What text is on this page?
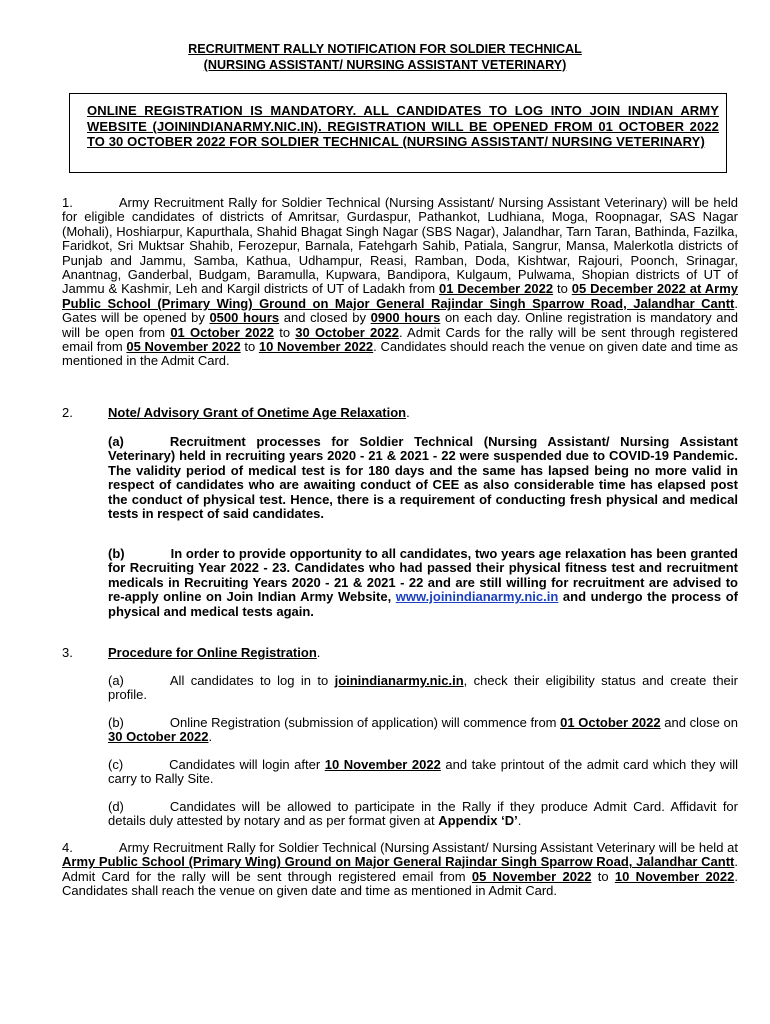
RECRUITMENT RALLY NOTIFICATION FOR SOLDIER TECHNICAL
(NURSING ASSISTANT/ NURSING ASSISTANT VETERINARY)
ONLINE REGISTRATION IS MANDATORY. ALL CANDIDATES TO LOG INTO JOIN INDIAN ARMY WEBSITE (JOININDIANARMY.NIC.IN). REGISTRATION WILL BE OPENED FROM 01 OCTOBER 2022 TO 30 OCTOBER 2022 FOR SOLDIER TECHNICAL (NURSING ASSISTANT/ NURSING VETERINARY)
1.	Army Recruitment Rally for Soldier Technical (Nursing Assistant/ Nursing Assistant Veterinary) will be held for eligible candidates of districts of Amritsar, Gurdaspur, Pathankot, Ludhiana, Moga, Roopnagar, SAS Nagar (Mohali), Hoshiarpur, Kapurthala, Shahid Bhagat Singh Nagar (SBS Nagar), Jalandhar, Tarn Taran, Bathinda, Fazilka, Faridkot, Sri Muktsar Shahib, Ferozepur, Barnala, Fatehgarh Sahib, Patiala, Sangrur, Mansa, Malerkotla districts of Punjab and Jammu, Samba, Kathua, Udhampur, Reasi, Ramban, Doda, Kishtwar, Rajouri, Poonch, Srinagar, Anantnag, Ganderbal, Budgam, Baramulla, Kupwara, Bandipora, Kulgaum, Pulwama, Shopian districts of UT of Jammu & Kashmir, Leh and Kargil districts of UT of Ladakh from 01 December 2022 to 05 December 2022 at Army Public School (Primary Wing) Ground on Major General Rajindar Singh Sparrow Road, Jalandhar Cantt. Gates will be opened by 0500 hours and closed by 0900 hours on each day. Online registration is mandatory and will be open from 01 October 2022 to 30 October 2022. Admit Cards for the rally will be sent through registered email from 05 November 2022 to 10 November 2022. Candidates should reach the venue on given date and time as mentioned in the Admit Card.
2.	Note/ Advisory Grant of Onetime Age Relaxation.
(a)	Recruitment processes for Soldier Technical (Nursing Assistant/ Nursing Assistant Veterinary) held in recruiting years 2020 - 21 & 2021 - 22 were suspended due to COVID-19 Pandemic. The validity period of medical test is for 180 days and the same has lapsed being no more valid in respect of candidates who are awaiting conduct of CEE as also considerable time has elapsed post the conduct of physical test. Hence, there is a requirement of conducting fresh physical and medical tests in respect of said candidates.
(b)	In order to provide opportunity to all candidates, two years age relaxation has been granted for Recruiting Year 2022 - 23. Candidates who had passed their physical fitness test and recruitment medicals in Recruiting Years 2020 - 21 & 2021 - 22 and are still willing for recruitment are advised to re-apply online on Join Indian Army Website, www.joinindianarmy.nic.in and undergo the process of physical and medical tests again.
3.	Procedure for Online Registration.
(a)	All candidates to log in to joinindianarmy.nic.in, check their eligibility status and create their profile.
(b)	Online Registration (submission of application) will commence from 01 October 2022 and close on 30 October 2022.
(c)	Candidates will login after 10 November 2022 and take printout of the admit card which they will carry to Rally Site.
(d)	Candidates will be allowed to participate in the Rally if they produce Admit Card. Affidavit for details duly attested by notary and as per format given at Appendix ‘D’.
4.	Army Recruitment Rally for Soldier Technical (Nursing Assistant/ Nursing Assistant Veterinary will be held at Army Public School (Primary Wing) Ground on Major General Rajindar Singh Sparrow Road, Jalandhar Cantt. Admit Card for the rally will be sent through registered email from 05 November 2022 to 10 November 2022. Candidates shall reach the venue on given date and time as mentioned in Admit Card.
